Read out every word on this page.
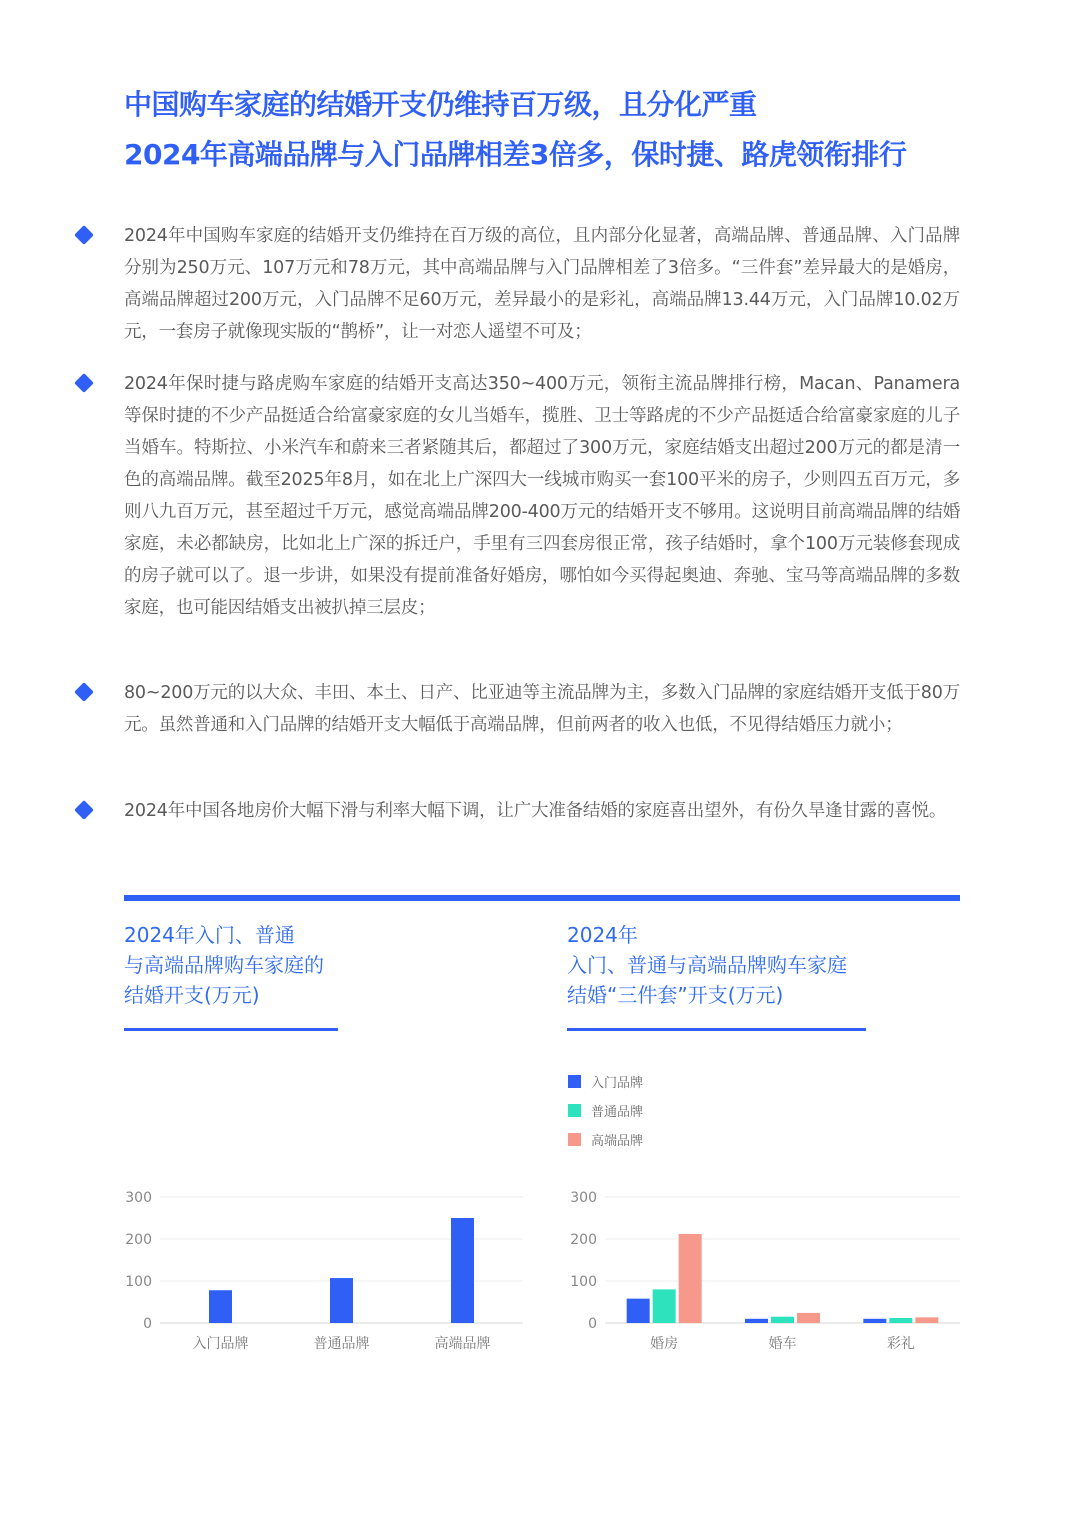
中国购车家庭的结婚开支仍维持百万级，且分化严重
2024年高端品牌与入门品牌相差3倍多，保时捷、路虎领衔排行
2024年中国购车家庭的结婚开支仍维持在百万级的高位，且内部分化显著，高端品牌、普通品牌、入门品牌分别为250万元、107万元和78万元，其中高端品牌与入门品牌相差了3倍多。“三件套”差异最大的是婚房，高端品牌超过200万元，入门品牌不足60万元，差异最小的是彩礼，高端品牌13.44万元，入门品牌10.02万元，一套房子就像现实版的“鹊桥”，让一对恋人遥望不可及；
2024年保时捷与路虎购车家庭的结婚开支高达350~400万元，领衔主流品牌排行榜，Macan、Panamera等保时捷的不少产品挺适合给富豪家庭的女儿当婚车，揽胜、卫士等路虎的不少产品挺适合给富豪家庭的儿子当婚车。特斯拉、小米汽车和蔚来三者紧随其后，都超过了300万元，家庭结婚支出超过200万元的都是清一色的高端品牌。截至2025年8月，如在北上广深四大一线城市购买一套100平米的房子，少则四五百万元，多则八九百万元，甚至超过千万元，感觉高端品牌200-400万元的结婚开支不够用。这说明目前高端品牌的结婚家庭，未必都缺房，比如北上广深的拆迁户，手里有三四套房很正常，孩子结婚时，拿个100万元装修套现成的房子就可以了。退一步讲，如果没有提前准备好婚房，哪怕如今买得起奥迪、奔驰、宝马等高端品牌的多数家庭，也可能因结婚支出被扒掉三层皮；
80~200万元的以大众、丰田、本土、日产、比亚迪等主流品牌为主，多数入门品牌的家庭结婚开支低于80万元。虽然普通和入门品牌的结婚开支大幅低于高端品牌，但前两者的收入也低，不见得结婚压力就小；
2024年中国各地房价大幅下滑与利率大幅下调，让广大准备结婚的家庭喜出望外，有份久旱逢甘露的喜悦。
2024年入门、普通
与高端品牌购车家庭的
结婚开支(万元)
2024年
入门、普通与高端品牌购车家庭
结婚“三件套”开支(万元)
0
100
200
300
入门品牌	普通品牌	高端品牌
入门品牌
普通品牌
高端品牌
0
100
200
300
婚房	婚车	彩礼
